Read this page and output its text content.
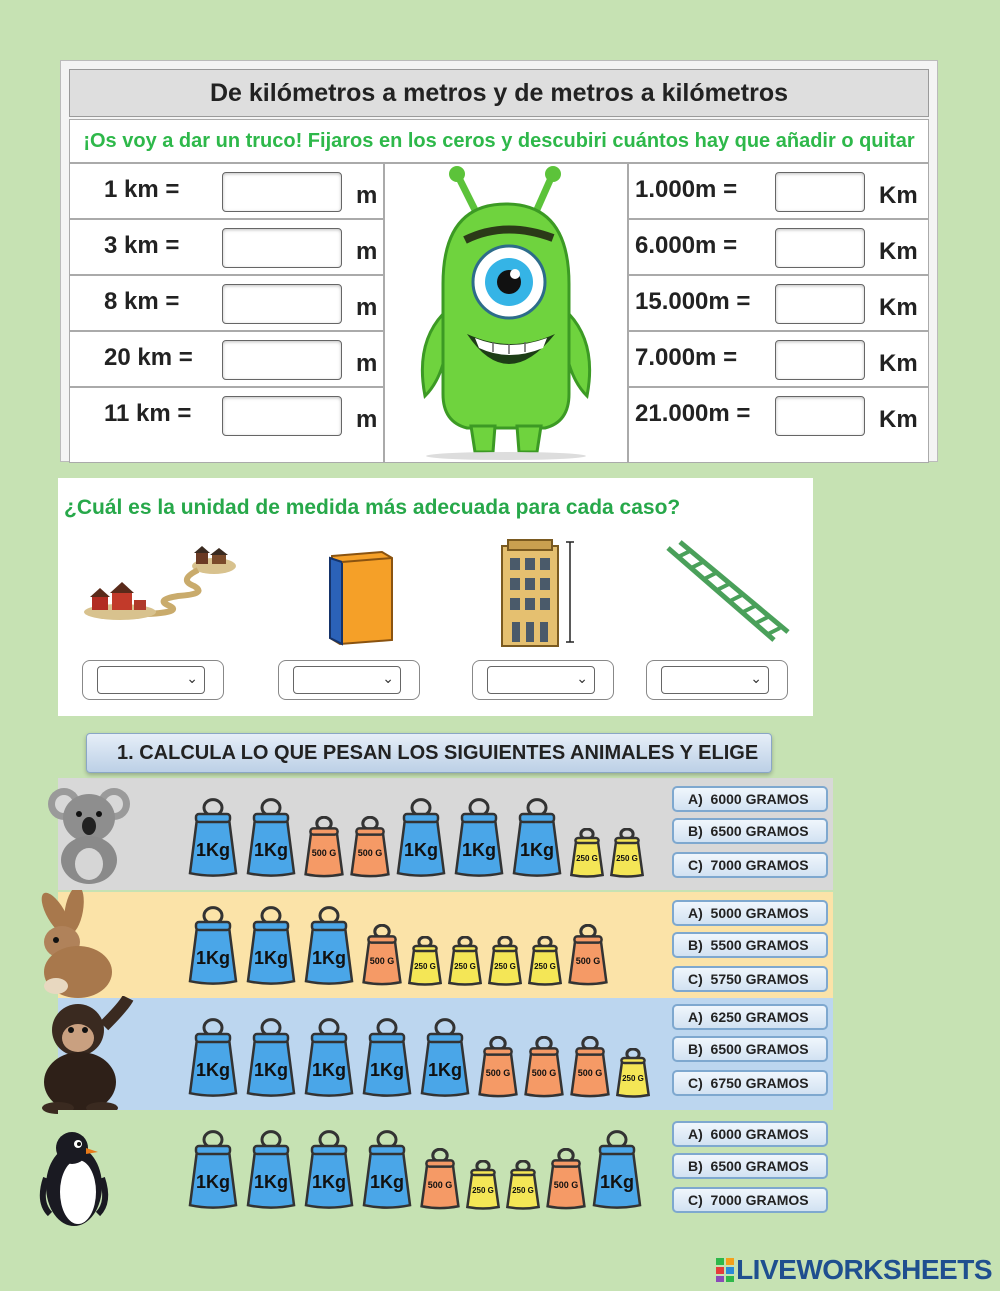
De kilómetros a metros y de metros a kilómetros
¡Os voy a dar un truco! Fijaros en los ceros y descubiri cuántos hay que añadir o quitar
1 km =	m
3 km =	m
8 km =	m
20 km =	m
11 km =	m
1.000m =	Km
6.000m =	Km
15.000m =	Km
7.000m =	Km
21.000m =	Km
¿Cuál es la unidad de medida más adecuada para cada caso?
⌄	⌄	⌄	⌄
1Kg	1Kg	500 G	500 G	1Kg	1Kg	1Kg	250 G	250 G
A)  6000 GRAMOS
B)  6500 GRAMOS
C)  7000 GRAMOS
1Kg	1Kg	1Kg	500 G
250 G	250 G	250 G	250 G
500 G
A)  5000 GRAMOS
B)  5500 GRAMOS
C)  5750 GRAMOS
1Kg	1Kg	1Kg	1Kg	1Kg	500 G	500 G	500 G
250 G
A)  6250 GRAMOS
B)  6500 GRAMOS
C)  6750 GRAMOS
1Kg	1Kg	1Kg	1Kg	500 G
250 G	250 G
500 G	1Kg
A)  6000 GRAMOS
B)  6500 GRAMOS
C)  7000 GRAMOS
1. CALCULA LO QUE PESAN LOS SIGUIENTES ANIMALES Y ELIGE
LIVEWORKSHEETS
